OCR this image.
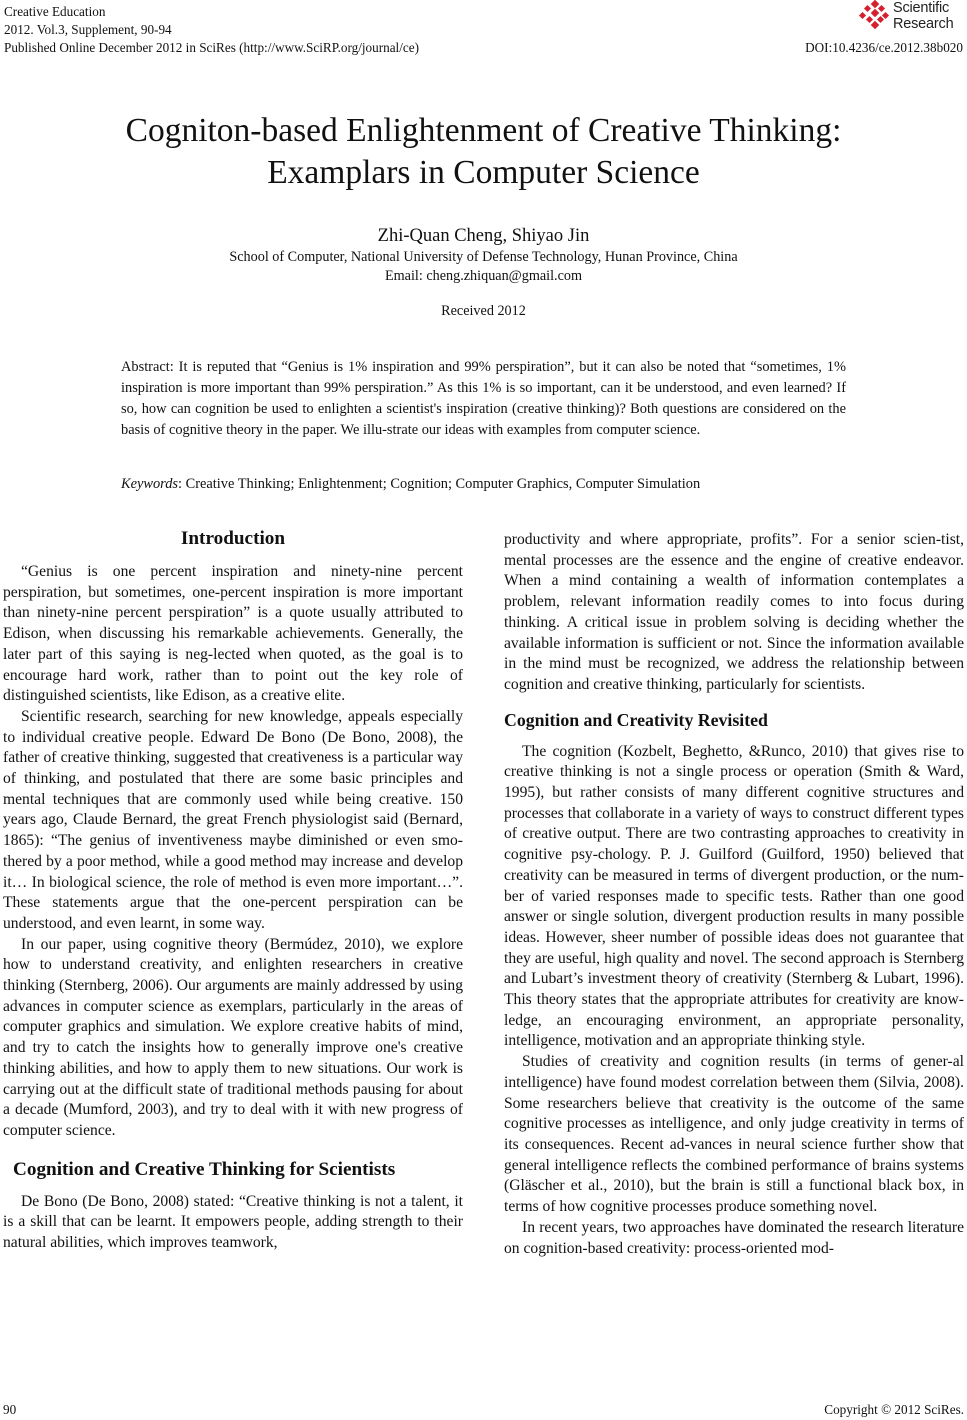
Creative Education
2012. Vol.3, Supplement, 90-94
Published Online December 2012 in SciRes (http://www.SciRP.org/journal/ce)	DOI:10.4236/ce.2012.38b020
Scientific
Research
Cogniton-based Enlightenment of Creative Thinking:
Examplars in Computer Science
Zhi-Quan Cheng, Shiyao Jin
School of Computer, National University of Defense Technology, Hunan Province, China
Email: cheng.zhiquan@gmail.com
Received 2012
Abstract: It is reputed that “Genius is 1% inspiration and 99% perspiration”, but it can also be noted that “sometimes, 1% inspiration is more important than 99% perspiration.” As this 1% is so important, can it be understood, and even learned? If so, how can cognition be used to enlighten a scientist's inspiration (creative thinking)? Both questions are considered on the basis of cognitive theory in the paper. We illu-strate our ideas with examples from computer science.
Keywords: Creative Thinking; Enlightenment; Cognition; Computer Graphics, Computer Simulation
Introduction

“Genius is one percent inspiration and ninety-nine percent perspiration, but sometimes, one-percent inspiration is more important than ninety-nine percent perspiration” is a quote usually attributed to Edison, when discussing his remarkable achievements. Generally, the later part of this saying is neg-lected when quoted, as the goal is to encourage hard work, rather than to point out the key role of distinguished scientists, like Edison, as a creative elite.

Scientific research, searching for new knowledge, appeals especially to individual creative people. Edward De Bono (De Bono, 2008), the father of creative thinking, suggested that creativeness is a particular way of thinking, and postulated that there are some basic principles and mental techniques that are commonly used while being creative. 150 years ago, Claude Bernard, the great French physiologist said (Bernard, 1865): “The genius of inventiveness maybe diminished or even smo-thered by a poor method, while a good method may increase and develop it… In biological science, the role of method is even more important…”. These statements argue that the one-percent perspiration can be understood, and even learnt, in some way.

In our paper, using cognitive theory (Bermúdez, 2010), we explore how to understand creativity, and enlighten researchers in creative thinking (Sternberg, 2006). Our arguments are mainly addressed by using advances in computer science as exemplars, particularly in the areas of computer graphics and simulation. We explore creative habits of mind, and try to catch the insights how to generally improve one's creative thinking abilities, and how to apply them to new situations. Our work is carrying out at the difficult state of traditional methods pausing for about a decade (Mumford, 2003), and try to deal with it with new progress of computer science.

Cognition and Creative Thinking for Scientists

De Bono (De Bono, 2008) stated: “Creative thinking is not a talent, it is a skill that can be learnt. It empowers people, adding strength to their natural abilities, which improves teamwork,

productivity and where appropriate, profits”. For a senior scien-tist, mental processes are the essence and the engine of creative endeavor. When a mind containing a wealth of information contemplates a problem, relevant information readily comes to into focus during thinking. A critical issue in problem solving is deciding whether the available information is sufficient or not. Since the information available in the mind must be recognized, we address the relationship between cognition and creative thinking, particularly for scientists.

Cognition and Creativity Revisited

The cognition (Kozbelt, Beghetto, &Runco, 2010) that gives rise to creative thinking is not a single process or operation (Smith & Ward, 1995), but rather consists of many different cognitive structures and processes that collaborate in a variety of ways to construct different types of creative output. There are two contrasting approaches to creativity in cognitive psy-chology. P. J. Guilford (Guilford, 1950) believed that creativity can be measured in terms of divergent production, or the num-ber of varied responses made to specific tests. Rather than one good answer or single solution, divergent production results in many possible ideas. However, sheer number of possible ideas does not guarantee that they are useful, high quality and novel. The second approach is Sternberg and Lubart’s investment theory of creativity (Sternberg & Lubart, 1996). This theory states that the appropriate attributes for creativity are know-ledge, an encouraging environment, an appropriate personality, intelligence, motivation and an appropriate thinking style.

Studies of creativity and cognition results (in terms of gener-al intelligence) have found modest correlation between them (Silvia, 2008). Some researchers believe that creativity is the outcome of the same cognitive processes as intelligence, and only judge creativity in terms of its consequences. Recent ad-vances in neural science further show that general intelligence reflects the combined performance of brains systems (Gläscher et al., 2010), but the brain is still a functional black box, in terms of how cognitive processes produce something novel.

In recent years, two approaches have dominated the research literature on cognition-based creativity: process-oriented mod-

90	Copyright © 2012 SciRes.
